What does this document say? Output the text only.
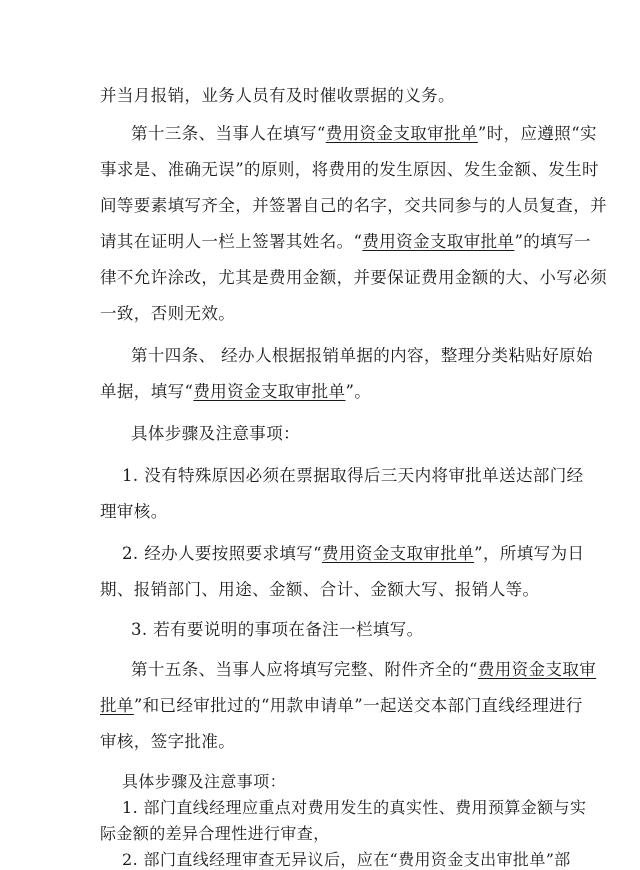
并当月报销，业务人员有及时催收票据的义务。
第十三条、当事人在填写“费用资金支取审批单”时，应遵照“实
事求是、准确无误”的原则，将费用的发生原因、发生金额、发生时
间等要素填写齐全，并签署自己的名字，交共同参与的人员复查，并
请其在证明人一栏上签署其姓名。“费用资金支取审批单”的填写一
律不允许涂改，尤其是费用金额，并要保证费用金额的大、小写必须
一致，否则无效。
第十四条、 经办人根据报销单据的内容，整理分类粘贴好原始
单据，填写“费用资金支取审批单”。
具体步骤及注意事项：
1. 没有特殊原因必须在票据取得后三天内将审批单送达部门经
理审核。
2. 经办人要按照要求填写“费用资金支取审批单”，所填写为日
期、报销部门、用途、金额、合计、金额大写、报销人等。
3. 若有要说明的事项在备注一栏填写。
第十五条、当事人应将填写完整、附件齐全的“费用资金支取审
批单”和已经审批过的“用款申请单”一起送交本部门直线经理进行
审核，签字批准。
具体步骤及注意事项：
1. 部门直线经理应重点对费用发生的真实性、费用预算金额与实
际金额的差异合理性进行审查，
2. 部门直线经理审查无异议后，应在“费用资金支出审批单”部
